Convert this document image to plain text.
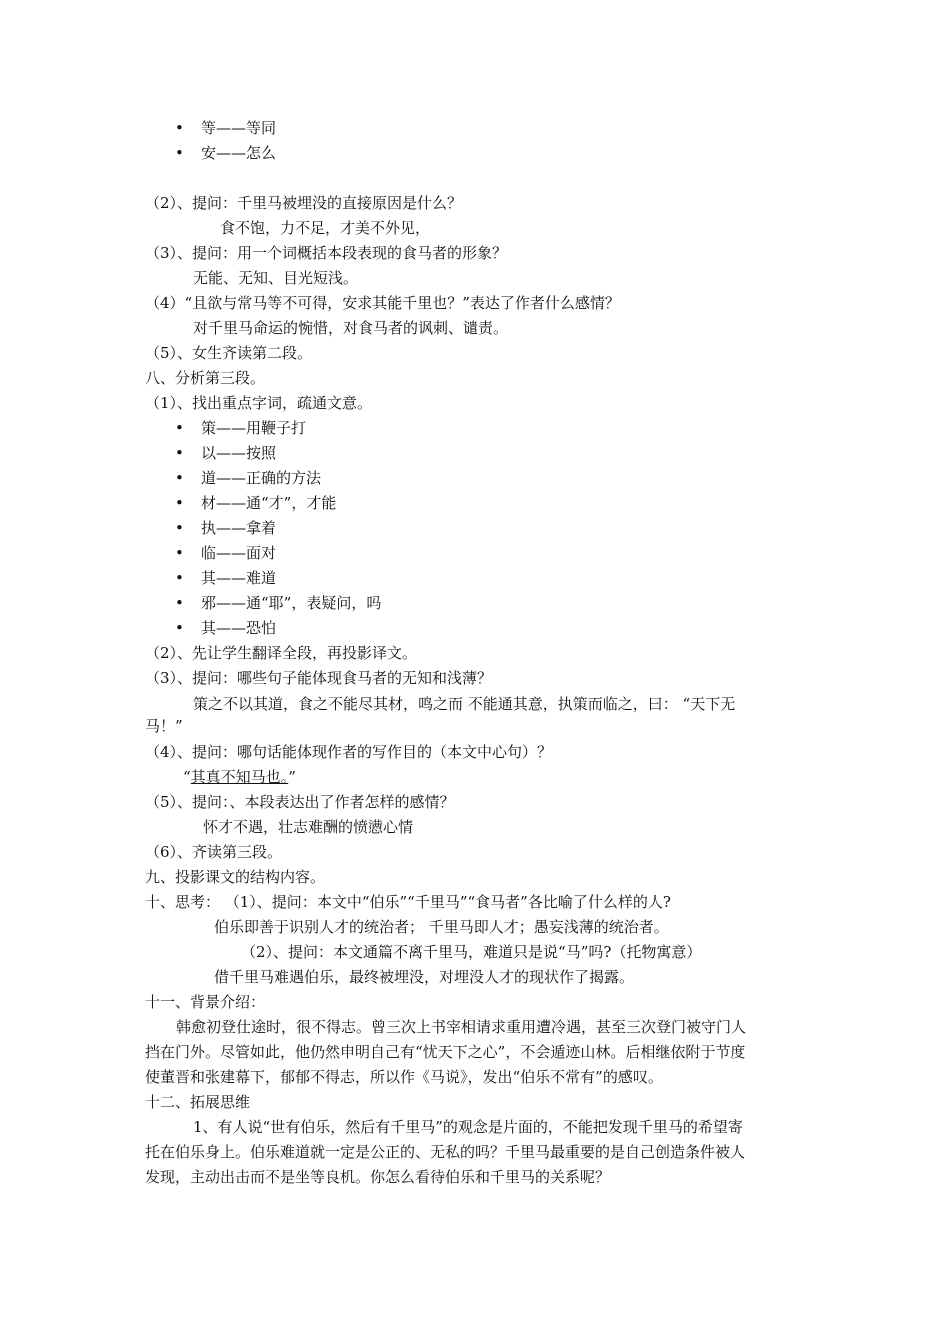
• 等——等同
• 安——怎么
（2）、提问：千里马被埋没的直接原因是什么？
食不饱，力不足，才美不外见，
（3）、提问：用一个词概括本段表现的食马者的形象？
无能、无知、目光短浅。
（4）“且欲与常马等不可得，安求其能千里也？”表达了作者什么感情？
对千里马命运的惋惜，对食马者的讽刺、谴责。
（5）、女生齐读第二段。
八、分析第三段。
（1）、找出重点字词，疏通文意。
• 策——用鞭子打
• 以——按照
• 道——正确的方法
• 材——通“才”，才能
• 执——拿着
• 临——面对
• 其——难道
• 邪——通“耶”，表疑问，吗
• 其——恐怕
（2）、先让学生翻译全段，再投影译文。
（3）、提问：哪些句子能体现食马者的无知和浅薄？
策之不以其道，食之不能尽其材，鸣之而 不能通其意，执策而临之，曰： “天下无
马！”
（4）、提问：哪句话能体现作者的写作目的（本文中心句）？
“其真不知马也。”
（5）、提问：、本段表达出了作者怎样的感情？
怀才不遇，壮志难酬的愤懑心情
（6）、齐读第三段。
九、投影课文的结构内容。
十、思考： （1）、提问：本文中“伯乐”“千里马”“食马者”各比喻了什么样的人?
伯乐即善于识别人才的统治者； 千里马即人才；愚妄浅薄的统治者。
（2）、提问：本文通篇不离千里马，难道只是说“马”吗?（托物寓意）
借千里马难遇伯乐，最终被埋没，对埋没人才的现状作了揭露。
十一、背景介绍：
韩愈初登仕途时，很不得志。曾三次上书宰相请求重用遭冷遇，甚至三次登门被守门人
挡在门外。尽管如此，他仍然申明自己有“忧天下之心”，不会遁迹山林。后相继依附于节度
使董晋和张建幕下，郁郁不得志，所以作《马说》，发出“伯乐不常有”的感叹。
十二、拓展思维
1、有人说“世有伯乐，然后有千里马”的观念是片面的，不能把发现千里马的希望寄
托在伯乐身上。伯乐难道就一定是公正的、无私的吗？千里马最重要的是自己创造条件被人
发现，主动出击而不是坐等良机。你怎么看待伯乐和千里马的关系呢？
